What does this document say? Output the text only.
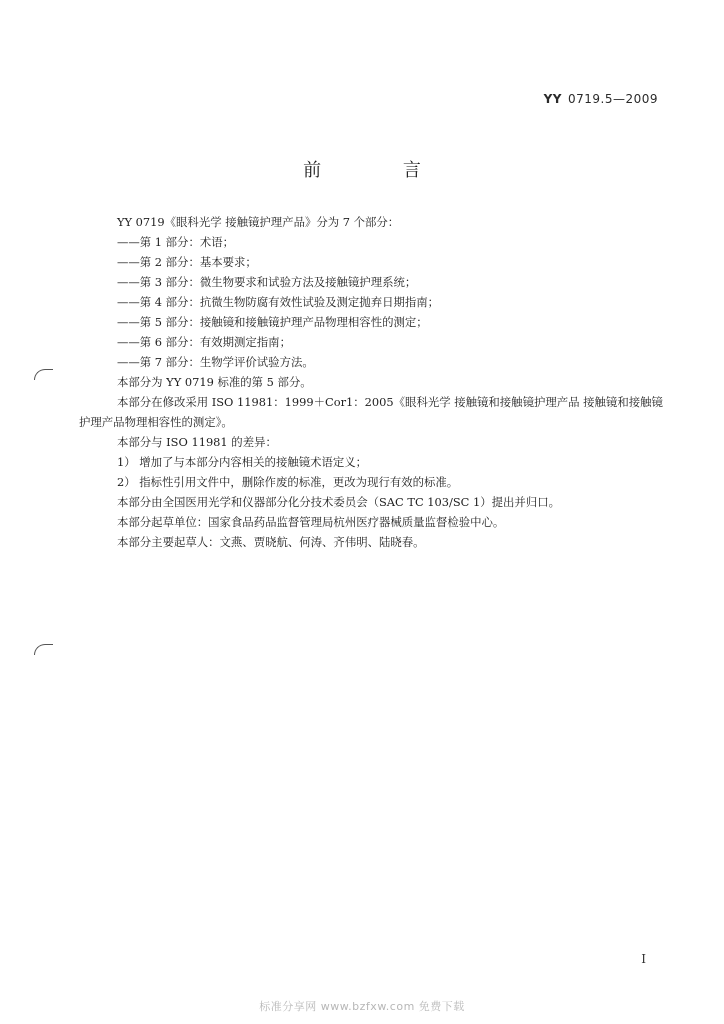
YY 0719.5—2009
前 言

YY 0719《眼科光学 接触镜护理产品》分为 7 个部分：

——第 1 部分：术语；

——第 2 部分：基本要求；

——第 3 部分：微生物要求和试验方法及接触镜护理系统；

——第 4 部分：抗微生物防腐有效性试验及测定抛弃日期指南；

——第 5 部分：接触镜和接触镜护理产品物理相容性的测定；

——第 6 部分：有效期测定指南；

——第 7 部分：生物学评价试验方法。

本部分为 YY 0719 标准的第 5 部分。

本部分在修改采用 ISO 11981：1999＋Cor1：2005《眼科光学 接触镜和接触镜护理产品 接触镜和接触镜护理产品物理相容性的测定》。

本部分与 ISO 11981 的差异：

1） 增加了与本部分内容相关的接触镜术语定义；

2） 指标性引用文件中，删除作废的标准，更改为现行有效的标准。

本部分由全国医用光学和仪器部分化分技术委员会（SAC TC 103/SC 1）提出并归口。

本部分起草单位：国家食品药品监督管理局杭州医疗器械质量监督检验中心。

本部分主要起草人：文燕、贾晓航、何涛、齐伟明、陆晓春。

I
标准分享网 www.bzfxw.com 免费下载
